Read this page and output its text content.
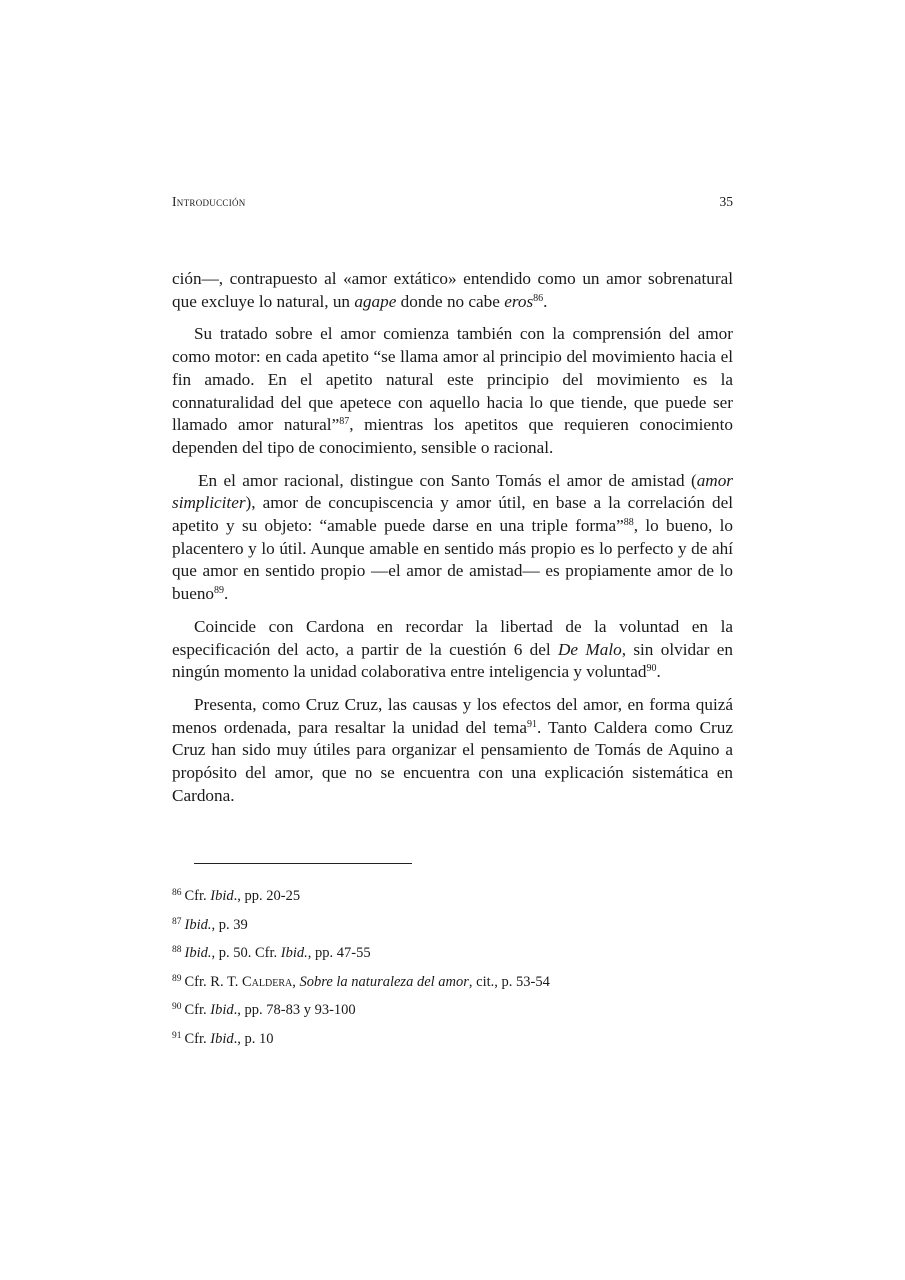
Introducción	35

ción—, contrapuesto al «amor extático» entendido como un amor sobrenatural que excluye lo natural, un agape donde no cabe eros$^{86}$.

Su tratado sobre el amor comienza también con la comprensión del amor como motor: en cada apetito “se llama amor al principio del movimiento hacia el fin amado. En el apetito natural este principio del movimiento es la connaturalidad del que apetece con aquello hacia lo que tiende, que puede ser llamado amor natural”$^{87}$, mientras los apetitos que requieren conocimiento dependen del tipo de conocimiento, sensible o racional.

En el amor racional, distingue con Santo Tomás el amor de amistad (amor simpliciter), amor de concupiscencia y amor útil, en base a la correlación del apetito y su objeto: “amable puede darse en una triple forma”$^{88}$, lo bueno, lo placentero y lo útil. Aunque amable en sentido más propio es lo perfecto y de ahí que amor en sentido propio —el amor de amistad— es propiamente amor de lo bueno$^{89}$.

Coincide con Cardona en recordar la libertad de la voluntad en la especificación del acto, a partir de la cuestión 6 del De Malo, sin olvidar en ningún momento la unidad colaborativa entre inteligencia y voluntad$^{90}$.

Presenta, como Cruz Cruz, las causas y los efectos del amor, en forma quizá menos ordenada, para resaltar la unidad del tema$^{91}$. Tanto Caldera como Cruz Cruz han sido muy útiles para organizar el pensamiento de Tomás de Aquino a propósito del amor, que no se encuentra con una explicación sistemática en Cardona.

$^{86}$ Cfr. Ibid., pp. 20-25
$^{87}$ Ibid., p. 39
$^{88}$ Ibid., p. 50. Cfr. Ibid., pp. 47-55
$^{89}$ Cfr. R. T. Caldera, Sobre la naturaleza del amor, cit., p. 53-54
$^{90}$ Cfr. Ibid., pp. 78-83 y 93-100
$^{91}$ Cfr. Ibid., p. 10
